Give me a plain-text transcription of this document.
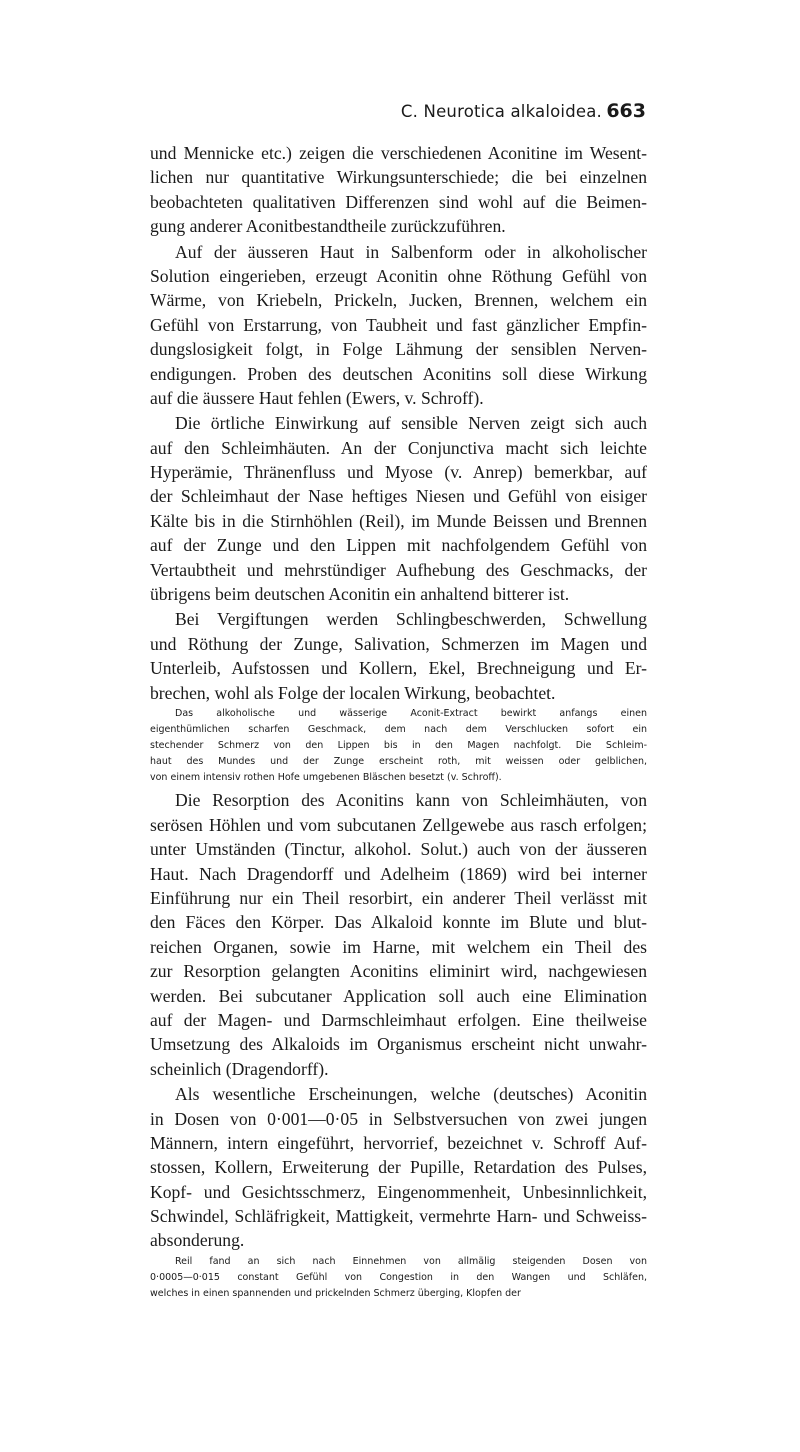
C. Neurotica alkaloidea. 663
und Mennicke etc.) zeigen die verschiedenen Aconitine im Wesent-
lichen nur quantitative Wirkungsunterschiede; die bei einzelnen
beobachteten qualitativen Differenzen sind wohl auf die Beimen-
gung anderer Aconitbestandtheile zurückzuführen.
Auf der äusseren Haut in Salbenform oder in alkoholischer
Solution eingerieben, erzeugt Aconitin ohne Röthung Gefühl von
Wärme, von Kriebeln, Prickeln, Jucken, Brennen, welchem ein
Gefühl von Erstarrung, von Taubheit und fast gänzlicher Empfin-
dungslosigkeit folgt, in Folge Lähmung der sensiblen Nerven-
endigungen. Proben des deutschen Aconitins soll diese Wirkung
auf die äussere Haut fehlen (Ewers, v. Schroff).
Die örtliche Einwirkung auf sensible Nerven zeigt sich auch
auf den Schleimhäuten. An der Conjunctiva macht sich leichte
Hyperämie, Thränenfluss und Myose (v. Anrep) bemerkbar, auf
der Schleimhaut der Nase heftiges Niesen und Gefühl von eisiger
Kälte bis in die Stirnhöhlen (Reil), im Munde Beissen und Brennen
auf der Zunge und den Lippen mit nachfolgendem Gefühl von
Vertaubtheit und mehrstündiger Aufhebung des Geschmacks, der
übrigens beim deutschen Aconitin ein anhaltend bitterer ist.
Bei Vergiftungen werden Schlingbeschwerden, Schwellung
und Röthung der Zunge, Salivation, Schmerzen im Magen und
Unterleib, Aufstossen und Kollern, Ekel, Brechneigung und Er-
brechen, wohl als Folge der localen Wirkung, beobachtet.
Das alkoholische und wässerige Aconit-Extract bewirkt anfangs einen
eigenthümlichen scharfen Geschmack, dem nach dem Verschlucken sofort ein
stechender Schmerz von den Lippen bis in den Magen nachfolgt. Die Schleim-
haut des Mundes und der Zunge erscheint roth, mit weissen oder gelblichen,
von einem intensiv rothen Hofe umgebenen Bläschen besetzt (v. Schroff).
Die Resorption des Aconitins kann von Schleimhäuten, von
serösen Höhlen und vom subcutanen Zellgewebe aus rasch erfolgen;
unter Umständen (Tinctur, alkohol. Solut.) auch von der äusseren
Haut. Nach Dragendorff und Adelheim (1869) wird bei interner
Einführung nur ein Theil resorbirt, ein anderer Theil verlässt mit
den Fäces den Körper. Das Alkaloid konnte im Blute und blut-
reichen Organen, sowie im Harne, mit welchem ein Theil des
zur Resorption gelangten Aconitins eliminirt wird, nachgewiesen
werden. Bei subcutaner Application soll auch eine Elimination
auf der Magen- und Darmschleimhaut erfolgen. Eine theilweise
Umsetzung des Alkaloids im Organismus erscheint nicht unwahr-
scheinlich (Dragendorff).
Als wesentliche Erscheinungen, welche (deutsches) Aconitin
in Dosen von 0·001—0·05 in Selbstversuchen von zwei jungen
Männern, intern eingeführt, hervorrief, bezeichnet v. Schroff Auf-
stossen, Kollern, Erweiterung der Pupille, Retardation des Pulses,
Kopf- und Gesichtsschmerz, Eingenommenheit, Unbesinnlichkeit,
Schwindel, Schläfrigkeit, Mattigkeit, vermehrte Harn- und Schweiss-
absonderung.
Reil fand an sich nach Einnehmen von allmälig steigenden Dosen von
0·0005—0·015 constant Gefühl von Congestion in den Wangen und Schläfen,
welches in einen spannenden und prickelnden Schmerz überging, Klopfen der
